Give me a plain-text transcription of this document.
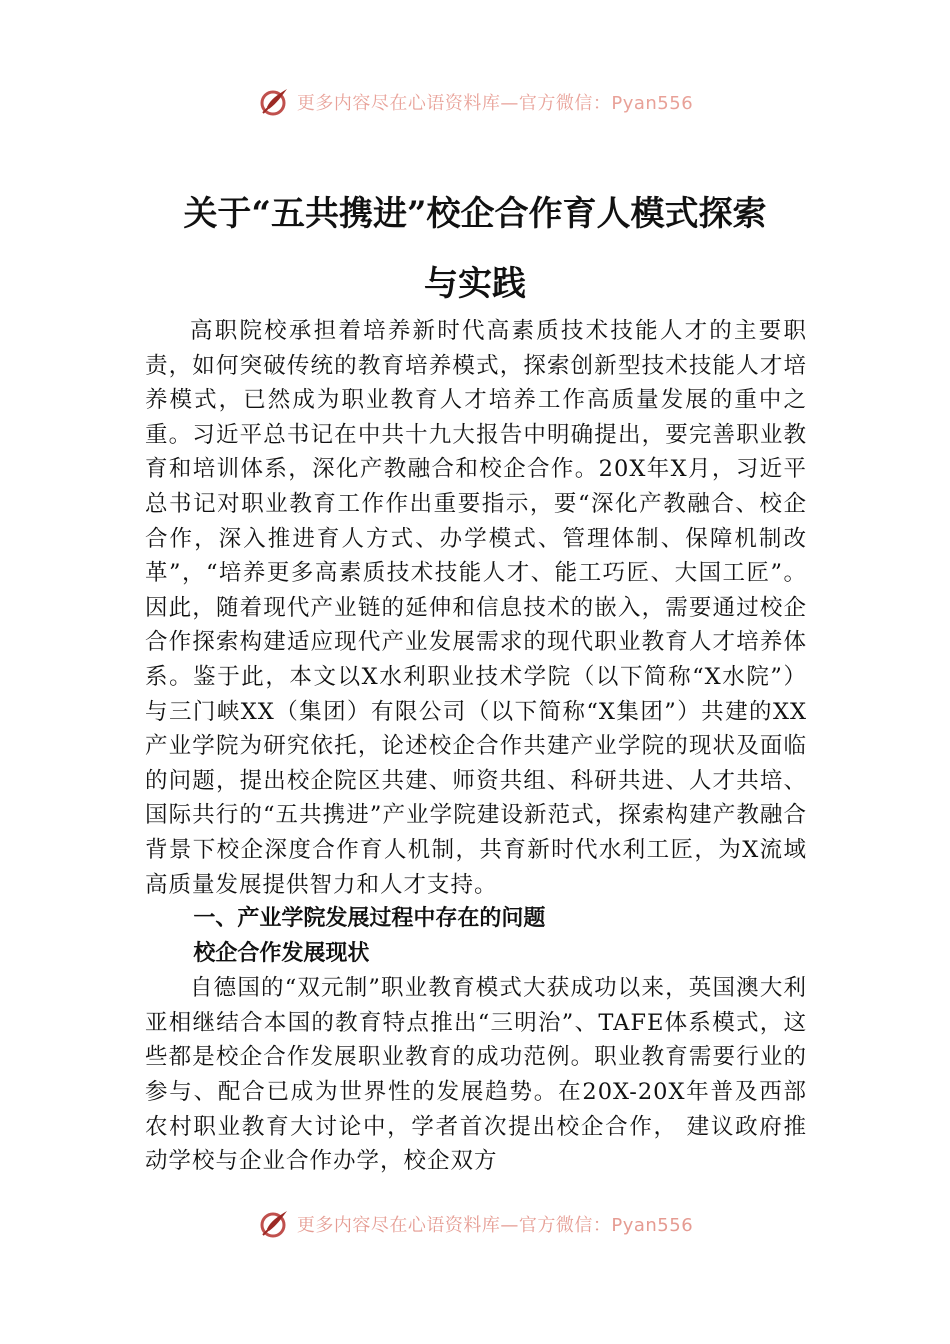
更多内容尽在心语资料库—官方微信：Pyan556
关于“五共携进”校企合作育人模式探索
与实践

高职院校承担着培养新时代高素质技术技能人才的主要职责，如何突破传统的教育培养模式，探索创新型技术技能人才培养模式，已然成为职业教育人才培养工作高质量发展的重中之重。习近平总书记在中共十九大报告中明确提出，要完善职业教育和培训体系，深化产教融合和校企合作。20X年X月，习近平总书记对职业教育工作作出重要指示，要“深化产教融合、校企合作，深入推进育人方式、办学模式、管理体制、保障机制改革”，“培养更多高素质技术技能人才、能工巧匠、大国工匠”。因此，随着现代产业链的延伸和信息技术的嵌入，需要通过校企合作探索构建适应现代产业发展需求的现代职业教育人才培养体系。鉴于此，本文以X水利职业技术学院（以下简称“X水院”）与三门峡XX（集团）有限公司（以下简称“X集团”）共建的XX产业学院为研究依托，论述校企合作共建产业学院的现状及面临的问题，提出校企院区共建、师资共组、科研共进、人才共培、国际共行的“五共携进”产业学院建设新范式，探索构建产教融合背景下校企深度合作育人机制，共育新时代水利工匠，为X流域高质量发展提供智力和人才支持。

一、产业学院发展过程中存在的问题

校企合作发展现状

自德国的“双元制”职业教育模式大获成功以来，英国澳大利亚相继结合本国的教育特点推出“三明治”、TAFE体系模式，这些都是校企合作发展职业教育的成功范例。职业教育需要行业的参与、配合已成为世界性的发展趋势。在20X-20X年普及西部农村职业教育大讨论中，学者首次提出校企合作， 建议政府推动学校与企业合作办学，校企双方

更多内容尽在心语资料库—官方微信：Pyan556
